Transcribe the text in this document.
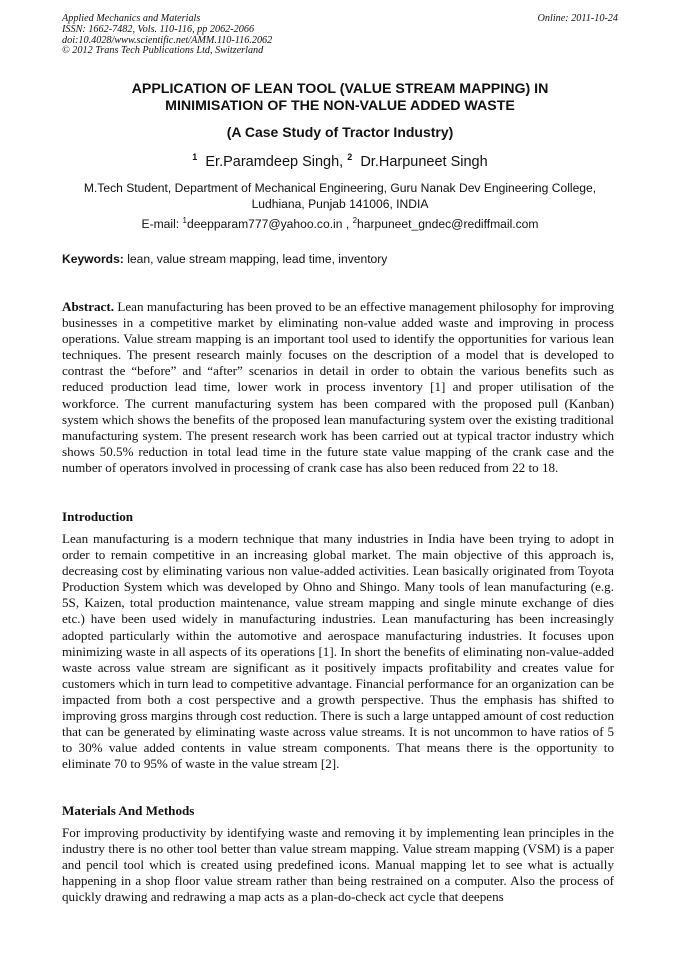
Applied Mechanics and Materials
ISSN: 1662-7482, Vols. 110-116, pp 2062-2066
doi:10.4028/www.scientific.net/AMM.110-116.2062
© 2012 Trans Tech Publications Ltd, Switzerland
Online: 2011-10-24
APPLICATION OF LEAN TOOL (VALUE STREAM MAPPING) IN
MINIMISATION OF THE NON-VALUE ADDED WASTE
(A Case Study of Tractor Industry)
$^1$ Er.Paramdeep Singh, $^2$ Dr.Harpuneet Singh
M.Tech Student, Department of Mechanical Engineering, Guru Nanak Dev Engineering College,
Ludhiana, Punjab 141006, INDIA
E-mail: $^1$deepparam777@yahoo.co.in , $^2$harpuneet_gndec@rediffmail.com
Keywords: lean, value stream mapping, lead time, inventory
Abstract. Lean manufacturing has been proved to be an effective management philosophy for improving businesses in a competitive market by eliminating non-value added waste and improving in process operations. Value stream mapping is an important tool used to identify the opportunities for various lean techniques. The present research mainly focuses on the description of a model that is developed to contrast the “before” and “after” scenarios in detail in order to obtain the various benefits such as reduced production lead time, lower work in process inventory [1] and proper utilisation of the workforce. The current manufacturing system has been compared with the proposed pull (Kanban) system which shows the benefits of the proposed lean manufacturing system over the existing traditional manufacturing system. The present research work has been carried out at typical tractor industry which shows 50.5% reduction in total lead time in the future state value mapping of the crank case and the number of operators involved in processing of crank case has also been reduced from 22 to 18.
Introduction
Lean manufacturing is a modern technique that many industries in India have been trying to adopt in order to remain competitive in an increasing global market. The main objective of this approach is, decreasing cost by eliminating various non value-added activities. Lean basically originated from Toyota Production System which was developed by Ohno and Shingo. Many tools of lean manufacturing (e.g. 5S, Kaizen, total production maintenance, value stream mapping and single minute exchange of dies etc.) have been used widely in manufacturing industries. Lean manufacturing has been increasingly adopted particularly within the automotive and aerospace manufacturing industries. It focuses upon minimizing waste in all aspects of its operations [1]. In short the benefits of eliminating non-value-added waste across value stream are significant as it positively impacts profitability and creates value for customers which in turn lead to competitive advantage. Financial performance for an organization can be impacted from both a cost perspective and a growth perspective. Thus the emphasis has shifted to improving gross margins through cost reduction. There is such a large untapped amount of cost reduction that can be generated by eliminating waste across value streams. It is not uncommon to have ratios of 5 to 30% value added contents in value stream components. That means there is the opportunity to eliminate 70 to 95% of waste in the value stream [2].
Materials And Methods
For improving productivity by identifying waste and removing it by implementing lean principles in the industry there is no other tool better than value stream mapping. Value stream mapping (VSM) is a paper and pencil tool which is created using predefined icons. Manual mapping let to see what is actually happening in a shop floor value stream rather than being restrained on a computer. Also the process of quickly drawing and redrawing a map acts as a plan-do-check act cycle that deepens
